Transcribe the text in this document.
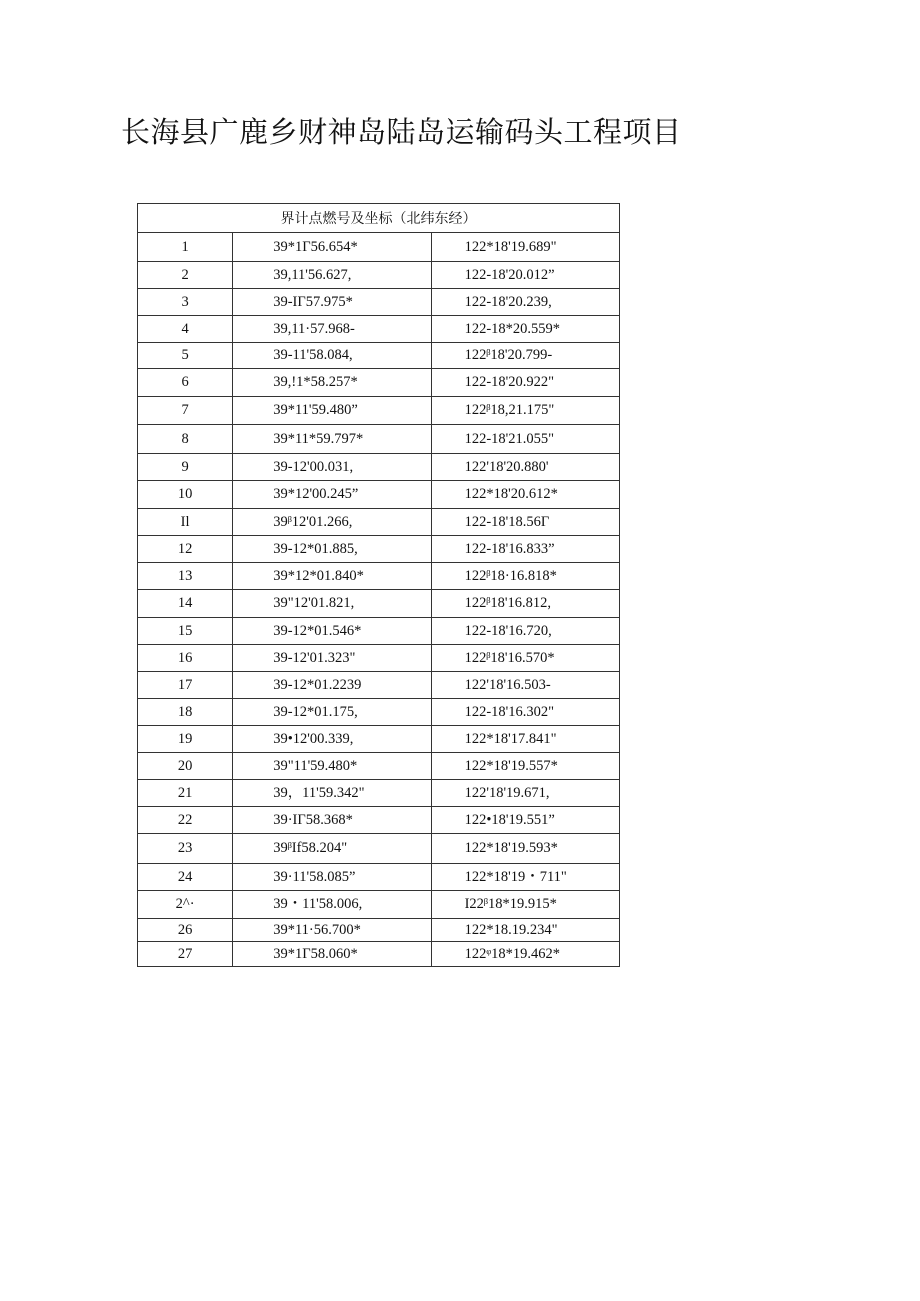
长海县广鹿乡财神岛陆岛运输码头工程项目
界计点燃号及坐标（北纬东经）		
1	39*1Γ56.654*	122*18'19.689"
2	39,11'56.627,	122-18'20.012”
3	39-IΓ57.975*	122-18'20.239,
4	39,11·57.968-	122-18*20.559*
5	39-11'58.084,	122ᵝ18'20.799-
6	39,!1*58.257*	122-18'20.922"
7	39*11'59.480”	122ᵝ18,21.175"
8	39*11*59.797*	122-18'21.055"
9	39-12'00.031,	122'18'20.880'
10	39*12'00.245”	122*18'20.612*
Il	39ᵝ12'01.266,	122-18'18.56Γ
12	39-12*01.885,	122-18'16.833”
13	39*12*01.840*	122ᵝ18·16.818*
14	39"12'01.821,	122ᵝ18'16.812,
15	39-12*01.546*	122-18'16.720,
16	39-12'01.323"	122ᵝ18'16.570*
17	39-12*01.2239	122'18'16.503-
18	39-12*01.175,	122-18'16.302"
19	39•12'00.339,	122*18'17.841"
20	39"11'59.480*	122*18'19.557*
21	39，11'59.342"	122'18'19.671,
22	39·IΓ58.368*	122•18'19.551”
23	39ᵝIf58.204"	122*18'19.593*
24	39·11'58.085”	122*18'19・711"
2^·	39・11'58.006,	I22ᵝ18*19.915*
26	39*11·56.700*	122*18.19.234"
27	39*1Γ58.060*	122ᵠ18*19.462*
